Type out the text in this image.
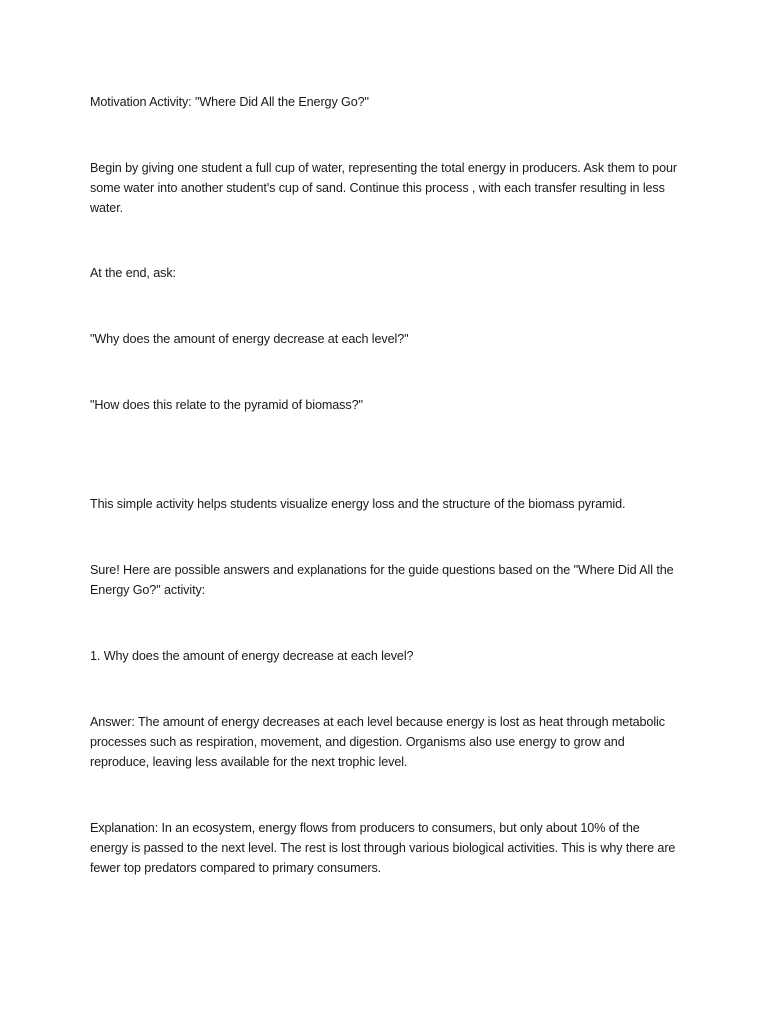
Motivation Activity: "Where Did All the Energy Go?"

Begin by giving one student a full cup of water, representing the total energy in producers. Ask them to pour some water into another student's cup of sand. Continue this process , with each transfer resulting in less water.

At the end, ask:

"Why does the amount of energy decrease at each level?"

"How does this relate to the pyramid of biomass?"

This simple activity helps students visualize energy loss and the structure of the biomass pyramid.

Sure! Here are possible answers and explanations for the guide questions based on the "Where Did All the Energy Go?" activity:

1. Why does the amount of energy decrease at each level?

Answer: The amount of energy decreases at each level because energy is lost as heat through metabolic processes such as respiration, movement, and digestion. Organisms also use energy to grow and reproduce, leaving less available for the next trophic level.

Explanation: In an ecosystem, energy flows from producers to consumers, but only about 10% of the energy is passed to the next level. The rest is lost through various biological activities. This is why there are fewer top predators compared to primary consumers.
